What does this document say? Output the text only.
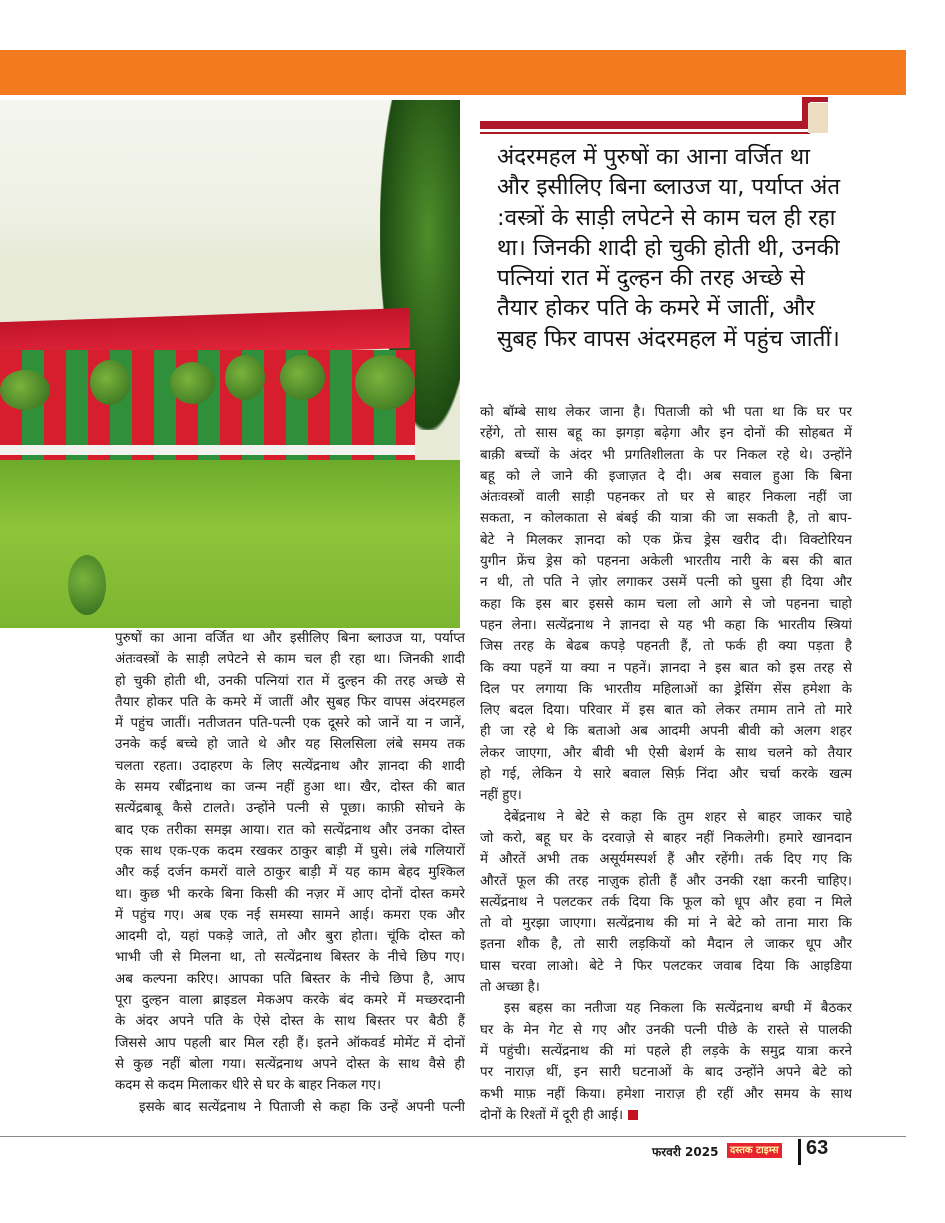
अंदरमहल में पुरुषों का आना वर्जित था और इसीलिए बिना ब्लाउज या, पर्याप्त अंत :वस्त्रों के साड़ी लपेटने से काम चल ही रहा था। जिनकी शादी हो चुकी होती थी, उनकी पत्नियां रात में दुल्हन की तरह अच्छे से तैयार होकर पति के कमरे में जातीं, और सुबह फिर वापस अंदरमहल में पहुंच जातीं।
पुरुषों का आना वर्जित था और इसीलिए बिना ब्लाउज या, पर्याप्त
अंतःवस्त्रों के साड़ी लपेटने से काम चल ही रहा था। जिनकी शादी
हो चुकी होती थी, उनकी पत्नियां रात में दुल्हन की तरह अच्छे से
तैयार होकर पति के कमरे में जातीं और सुबह फिर वापस अंदरमहल
में पहुंच जातीं। नतीजतन पति-पत्नी एक दूसरे को जानें या न जानें,
उनके कई बच्चे हो जाते थे और यह सिलसिला लंबे समय तक
चलता रहता। उदाहरण के लिए सत्येंद्रनाथ और ज्ञानदा की शादी
के समय रबींद्रनाथ का जन्म नहीं हुआ था। खैर, दोस्त की बात
सत्येंद्रबाबू कैसे टालते। उन्होंने पत्नी से पूछा। काफ़ी सोचने के
बाद एक तरीका समझ आया। रात को सत्येंद्रनाथ और उनका दोस्त
एक साथ एक-एक कदम रखकर ठाकुर बाड़ी में घुसे। लंबे गलियारों
और कई दर्जन कमरों वाले ठाकुर बाड़ी में यह काम बेहद मुश्किल
था। कुछ भी करके बिना किसी की नज़र में आए दोनों दोस्त कमरे
में पहुंच गए। अब एक नई समस्या सामने आई। कमरा एक और
आदमी दो, यहां पकड़े जाते, तो और बुरा होता। चूंकि दोस्त को
भाभी जी से मिलना था, तो सत्येंद्रनाथ बिस्तर के नीचे छिप गए।
अब कल्पना करिए। आपका पति बिस्तर के नीचे छिपा है, आप
पूरा दुल्हन वाला ब्राइडल मेकअप करके बंद कमरे में मच्छरदानी
के अंदर अपने पति के ऐसे दोस्त के साथ बिस्तर पर बैठी हैं
जिससे आप पहली बार मिल रही हैं। इतने ऑकवर्ड मोमेंट में दोनों
से कुछ नहीं बोला गया। सत्येंद्रनाथ अपने दोस्त के साथ वैसे ही
कदम से कदम मिलाकर धीरे से घर के बाहर निकल गए।
इसके बाद सत्येंद्रनाथ ने पिताजी से कहा कि उन्हें अपनी पत्नी
को बॉम्बे साथ लेकर जाना है। पिताजी को भी पता था कि घर पर
रहेंगे, तो सास बहू का झगड़ा बढ़ेगा और इन दोनों की सोहबत में
बाक़ी बच्चों के अंदर भी प्रगतिशीलता के पर निकल रहे थे। उन्होंने
बहू को ले जाने की इजाज़त दे दी। अब सवाल हुआ कि बिना
अंतःवस्त्रों वाली साड़ी पहनकर तो घर से बाहर निकला नहीं जा
सकता, न कोलकाता से बंबई की यात्रा की जा सकती है, तो बाप-
बेटे ने मिलकर ज्ञानदा को एक फ्रेंच ड्रेस खरीद दी। विक्टोरियन
युगीन फ्रेंच ड्रेस को पहनना अकेली भारतीय नारी के बस की बात
न थी, तो पति ने ज़ोर लगाकर उसमें पत्नी को घुसा ही दिया और
कहा कि इस बार इससे काम चला लो आगे से जो पहनना चाहो
पहन लेना। सत्येंद्रनाथ ने ज्ञानदा से यह भी कहा कि भारतीय स्त्रियां
जिस तरह के बेढब कपड़े पहनती हैं, तो फर्क ही क्या पड़ता है
कि क्या पहनें या क्या न पहनें। ज्ञानदा ने इस बात को इस तरह से
दिल पर लगाया कि भारतीय महिलाओं का ड्रेसिंग सेंस हमेशा के
लिए बदल दिया। परिवार में इस बात को लेकर तमाम ताने तो मारे
ही जा रहे थे कि बताओ अब आदमी अपनी बीवी को अलग शहर
लेकर जाएगा, और बीवी भी ऐसी बेशर्म के साथ चलने को तैयार
हो गई, लेकिन ये सारे बवाल सिर्फ़ निंदा और चर्चा करके खत्म
नहीं हुए।
देबेंद्रनाथ ने बेटे से कहा कि तुम शहर से बाहर जाकर चाहे
जो करो, बहू घर के दरवाज़े से बाहर नहीं निकलेगी। हमारे खानदान
में औरतें अभी तक असूर्यमस्पर्श हैं और रहेंगी। तर्क दिए गए कि
औरतें फूल की तरह नाज़ुक होती हैं और उनकी रक्षा करनी चाहिए।
सत्येंद्रनाथ ने पलटकर तर्क दिया कि फूल को धूप और हवा न मिले
तो वो मुरझा जाएगा। सत्येंद्रनाथ की मां ने बेटे को ताना मारा कि
इतना शौक है, तो सारी लड़कियों को मैदान ले जाकर धूप और
घास चरवा लाओ। बेटे ने फिर पलटकर जवाब दिया कि आइडिया
तो अच्छा है।
इस बहस का नतीजा यह निकला कि सत्येंद्रनाथ बग्घी में बैठकर
घर के मेन गेट से गए और उनकी पत्नी पीछे के रास्ते से पालकी
में पहुंची। सत्येंद्रनाथ की मां पहले ही लड़के के समुद्र यात्रा करने
पर नाराज़ थीं, इन सारी घटनाओं के बाद उन्होंने अपने बेटे को
कभी माफ़ नहीं किया। हमेशा नाराज़ ही रहीं और समय के साथ
दोनों के रिश्तों में दूरी ही आई।
फरवरी 2025	दस्तक टाइम्स 63
